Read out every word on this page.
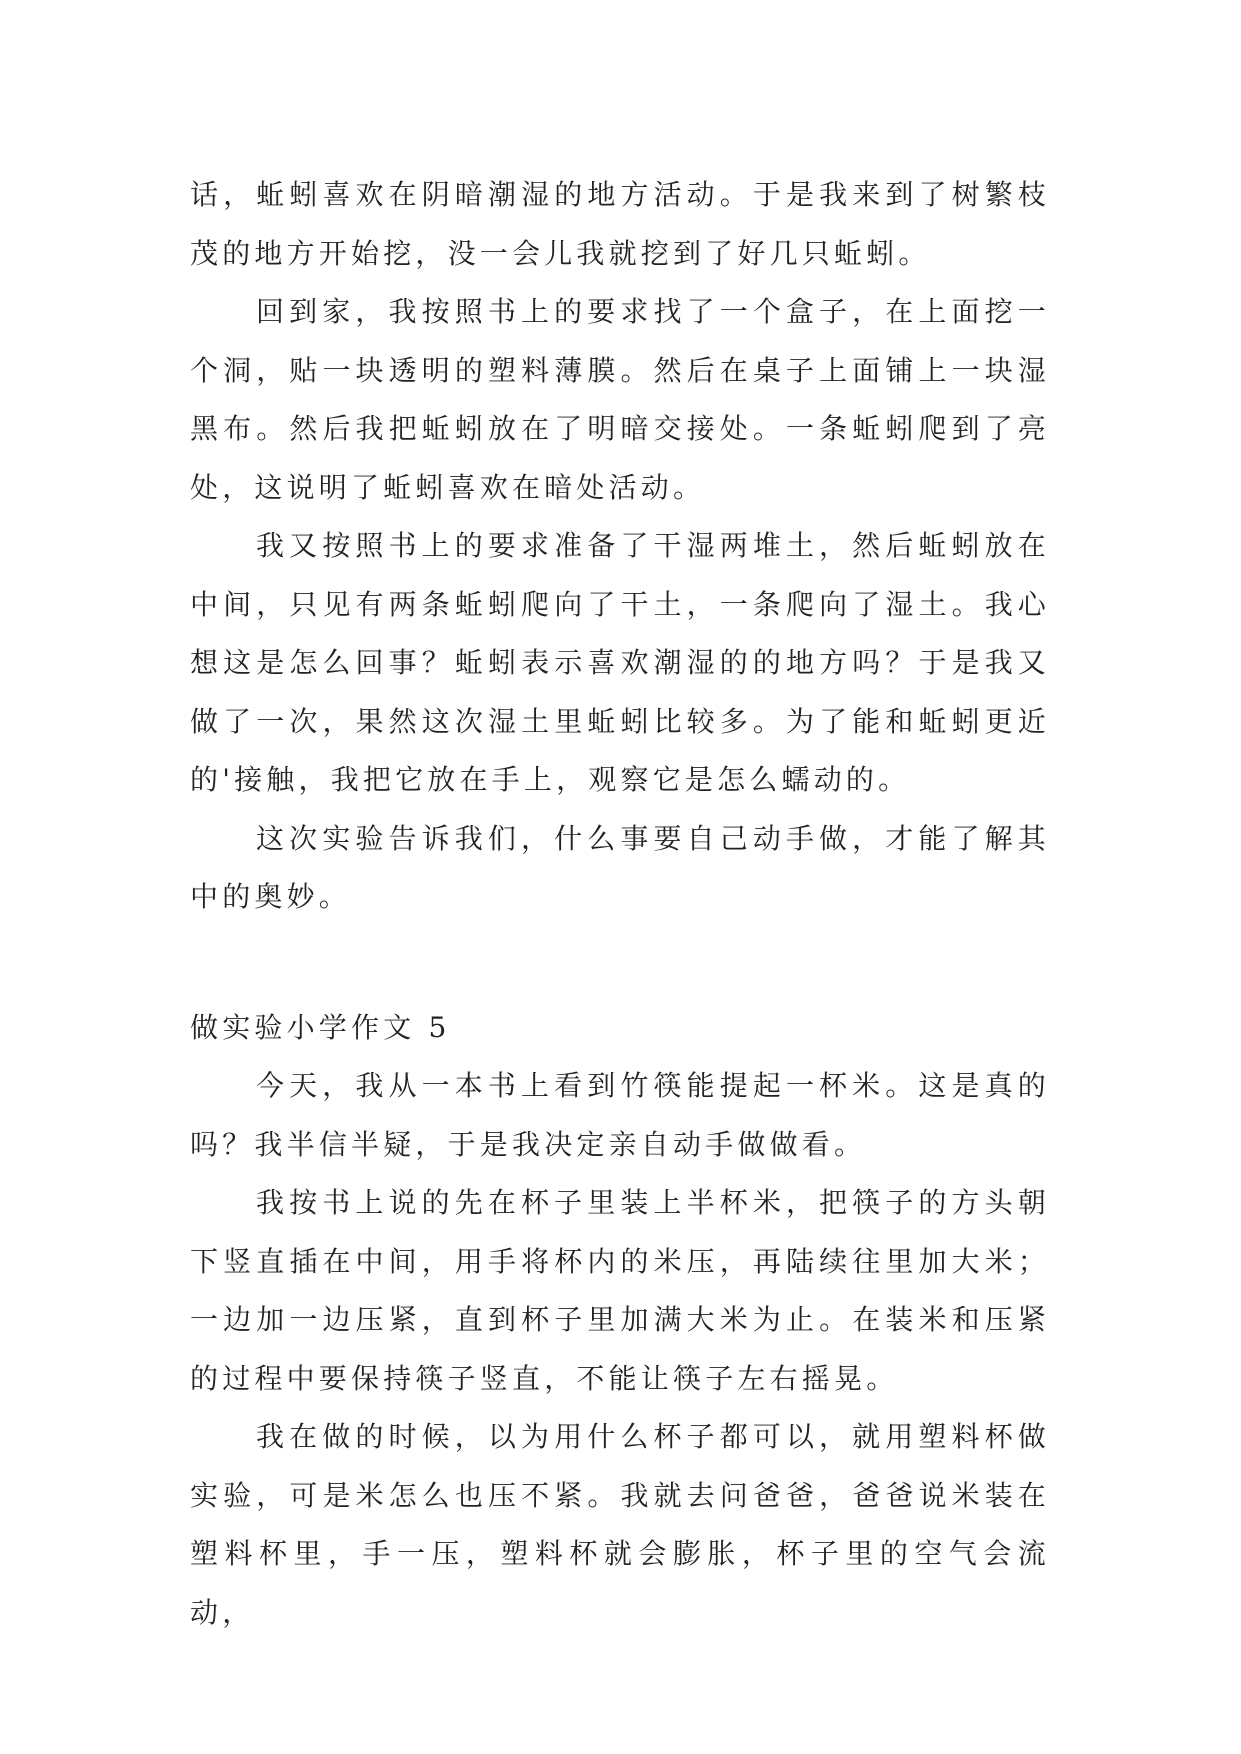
话，蚯蚓喜欢在阴暗潮湿的地方活动。于是我来到了树繁枝茂的地方开始挖，没一会儿我就挖到了好几只蚯蚓。

回到家，我按照书上的要求找了一个盒子，在上面挖一个洞，贴一块透明的塑料薄膜。然后在桌子上面铺上一块湿黑布。然后我把蚯蚓放在了明暗交接处。一条蚯蚓爬到了亮处，这说明了蚯蚓喜欢在暗处活动。

我又按照书上的要求准备了干湿两堆土，然后蚯蚓放在中间，只见有两条蚯蚓爬向了干土，一条爬向了湿土。我心想这是怎么回事？蚯蚓表示喜欢潮湿的的地方吗？于是我又做了一次，果然这次湿土里蚯蚓比较多。为了能和蚯蚓更近的'接触，我把它放在手上，观察它是怎么蠕动的。

这次实验告诉我们，什么事要自己动手做，才能了解其中的奥妙。

做实验小学作文 5

今天，我从一本书上看到竹筷能提起一杯米。这是真的吗？我半信半疑，于是我决定亲自动手做做看。

我按书上说的先在杯子里装上半杯米，把筷子的方头朝下竖直插在中间，用手将杯内的米压，再陆续往里加大米；一边加一边压紧，直到杯子里加满大米为止。在装米和压紧的过程中要保持筷子竖直，不能让筷子左右摇晃。

我在做的时候，以为用什么杯子都可以，就用塑料杯做实验，可是米怎么也压不紧。我就去问爸爸，爸爸说米装在塑料杯里，手一压，塑料杯就会膨胀，杯子里的空气会流动，
